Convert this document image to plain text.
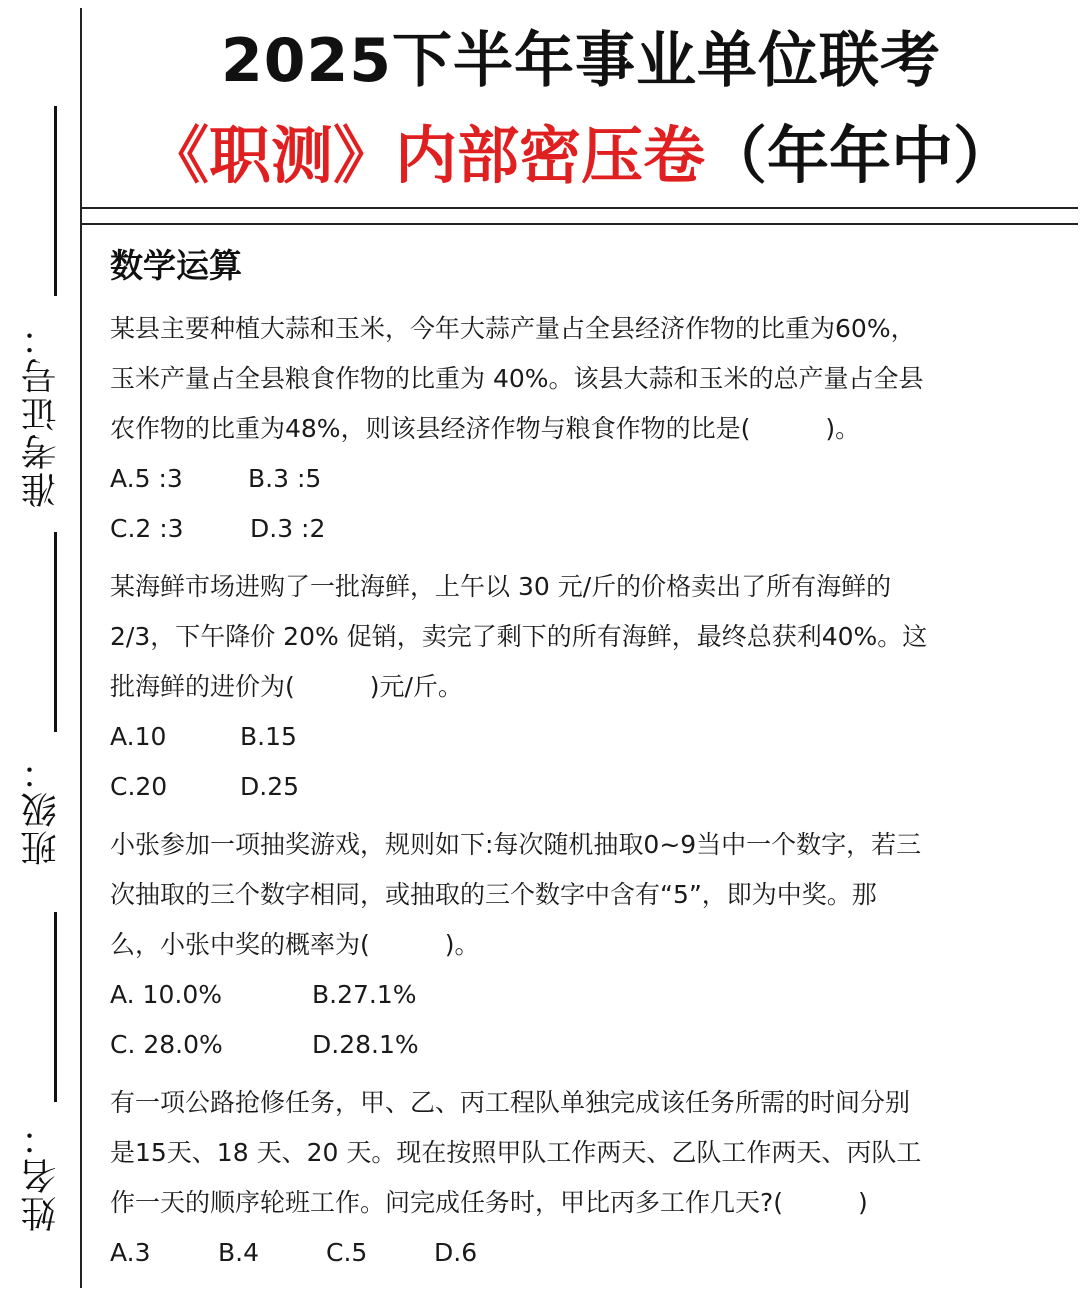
准考证号：
班级：
姓名：
2025下半年事业单位联考
《职测》内部密压卷（年年中）
数学运算

某县主要种植大蒜和玉米，今年大蒜产量占全县经济作物的比重为60%，

玉米产量占全县粮食作物的比重为 40%。该县大蒜和玉米的总产量占全县

农作物的比重为48%，则该县经济作物与粮食作物的比是(　　　)。

A.5 :3	B.3 :5

C.2 :3	D.3 :2

某海鲜市场进购了一批海鲜，上午以 30 元/斤的价格卖出了所有海鲜的

2/3，下午降价 20% 促销，卖完了剩下的所有海鲜，最终总获利40%。这

批海鲜的进价为(　　　)元/斤。

A.10	B.15

C.20	D.25

小张参加一项抽奖游戏，规则如下:每次随机抽取0~9当中一个数字，若三

次抽取的三个数字相同，或抽取的三个数字中含有“5”，即为中奖。那

么，小张中奖的概率为(　　　)。

A. 10.0%	B.27.1%

C. 28.0%	D.28.1%

有一项公路抢修任务，甲、乙、丙工程队单独完成该任务所需的时间分别

是15天、18 天、20 天。现在按照甲队工作两天、乙队工作两天、丙队工

作一天的顺序轮班工作。问完成任务时，甲比丙多工作几天?(　　　)

A.3	B.4	C.5	D.6
